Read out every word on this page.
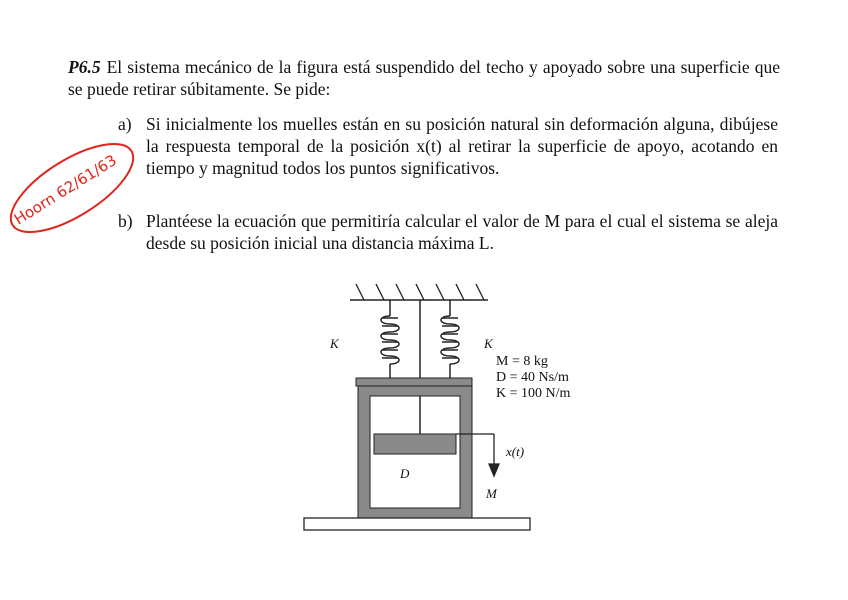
P6.5 El sistema mecánico de la figura está suspendido del techo y apoyado sobre una superficie que se puede retirar súbitamente. Se pide:
a) Si inicialmente los muelles están en su posición natural sin deformación alguna, dibújese la respuesta temporal de la posición x(t) al retirar la superficie de apoyo, acotando en tiempo y magnitud todos los puntos significativos.
b) Plantéese la ecuación que permitiría calcular el valor de M para el cual el sistema se aleja desde su posición inicial una distancia máxima L.
Hoorn 62/61/63
K	K
D
M
x(t)
M = 8 kg
D = 40 Ns/m
K = 100 N/m
